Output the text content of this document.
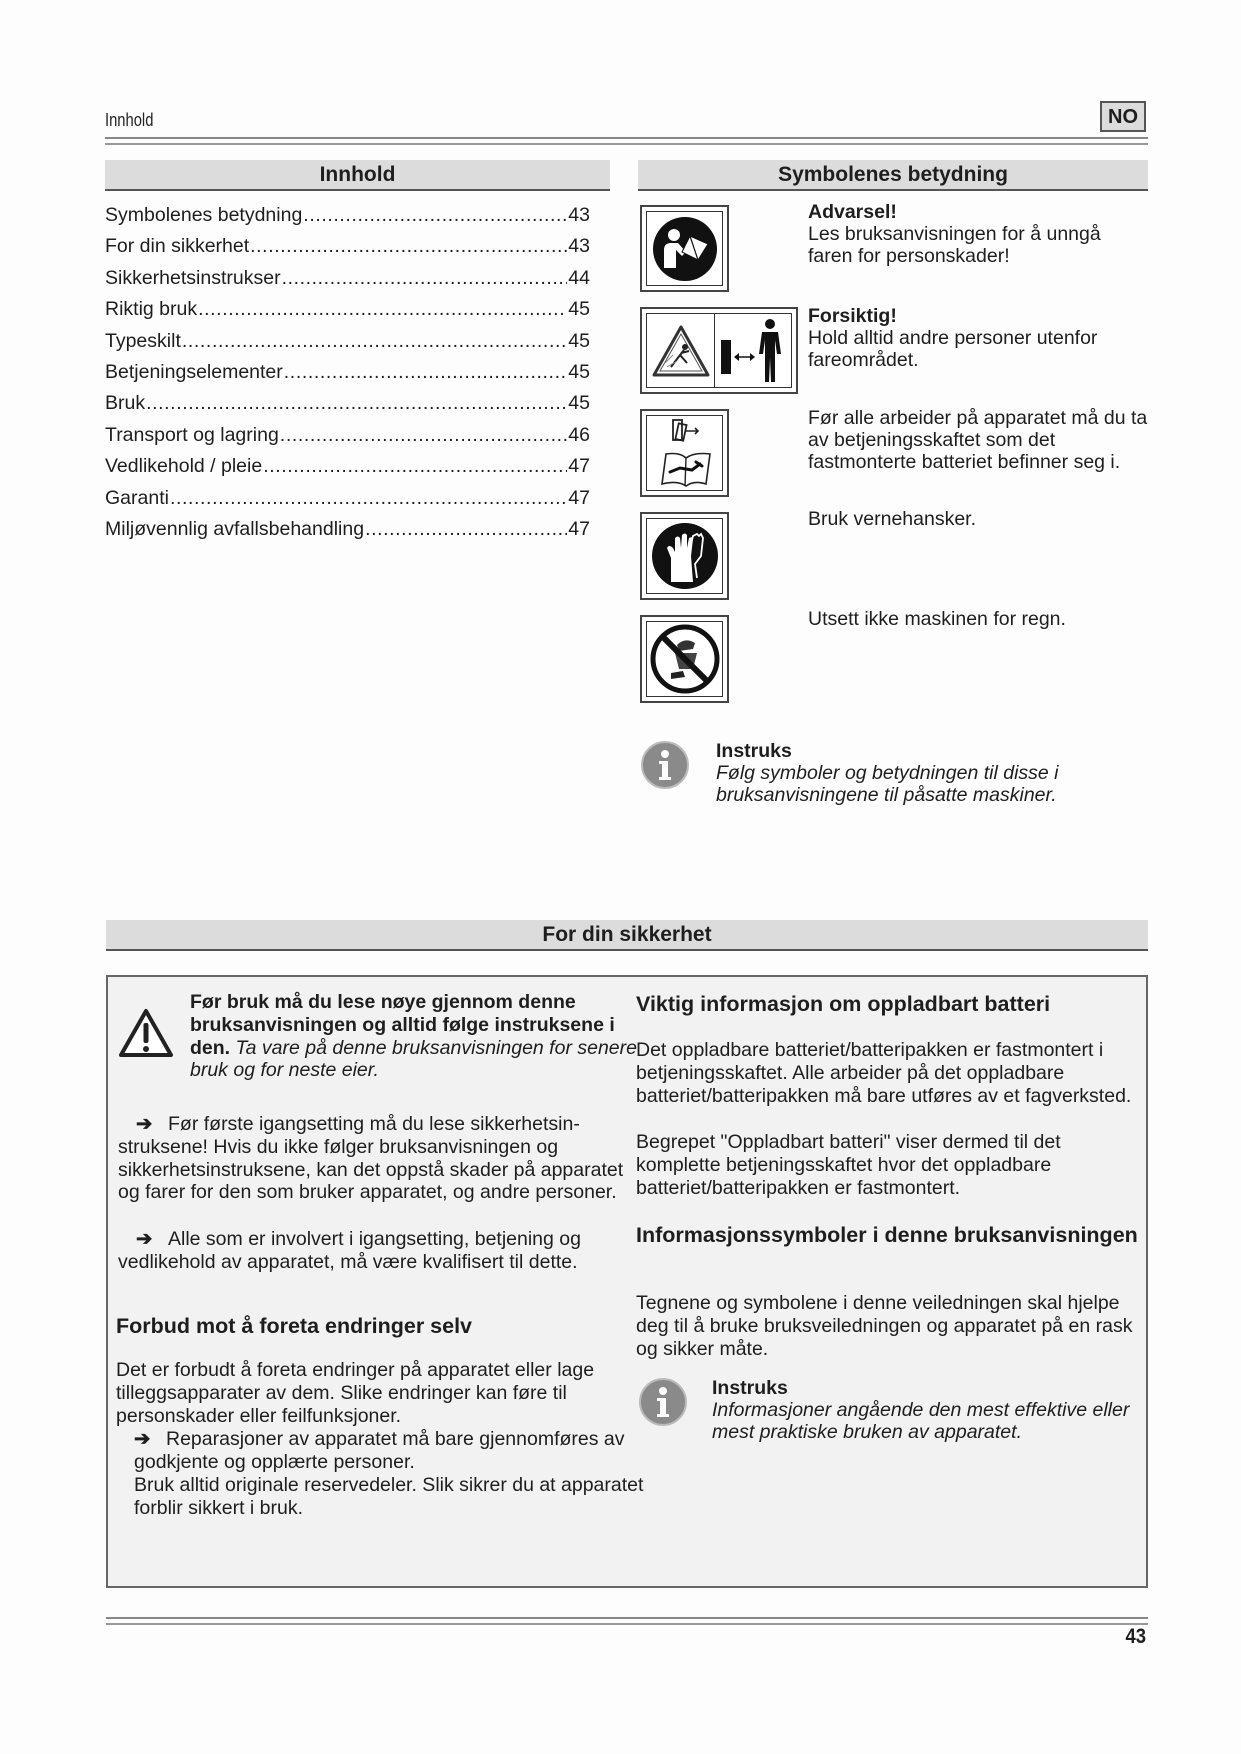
Innhold	NO
Innhold
Symbolenes betydning .....	43
For din sikkerhet .....	43
Sikkerhetsinstrukser .....	44
Riktig bruk .....	45
Typeskilt .....	45
Betjeningselementer .....	45
Bruk .....	45
Transport og lagring .....	46
Vedlikehold / pleie .....	47
Garanti .....	47
Miljøvennlig avfallsbehandling .....	47
Symbolenes betydning
Advarsel!
Les bruksanvisningen for å unngå faren for personskader!
Forsiktig!
Hold alltid andre personer utenfor fareområdet.
Før alle arbeider på apparatet må du ta av betjeningsskaftet som det fastmonterte batteriet befinner seg i.
Bruk vernehansker.
Utsett ikke maskinen for regn.
Instruks
Følg symboler og betydningen til disse i bruksanvisningene til påsatte maskiner.
For din sikkerhet
Før bruk må du lese nøye gjennom denne bruksanvisningen og alltid følge instruksene i den. Ta vare på denne bruksanvisningen for senere bruk og for neste eier.
➔ Før første igangsetting må du lese sikkerhetsinstruksene! Hvis du ikke følger bruksanvisningen og sikkerhetsinstruksene, kan det oppstå skader på apparatet og farer for den som bruker apparatet, og andre personer.
➔ Alle som er involvert i igangsetting, betjening og vedlikehold av apparatet, må være kvalifisert til dette.
Forbud mot å foreta endringer selv
Det er forbudt å foreta endringer på apparatet eller lage tilleggsapparater av dem. Slike endringer kan føre til personskader eller feilfunksjoner.
➔ Reparasjoner av apparatet må bare gjennomføres av godkjente og opplærte personer.
Bruk alltid originale reservedeler. Slik sikrer du at apparatet forblir sikkert i bruk.
Viktig informasjon om oppladbart batteri
Det oppladbare batteriet/batteripakken er fastmontert i betjeningsskaftet. Alle arbeider på det oppladbare batteriet/batteripakken må bare utføres av et fagverksted.
Begrepet "Oppladbart batteri" viser dermed til det komplette betjeningsskaftet hvor det oppladbare batteriet/batteripakken er fastmontert.
Informasjonssymboler i denne bruksanvisningen
Tegnene og symbolene i denne veiledningen skal hjelpe deg til å bruke bruksveiledningen og apparatet på en rask og sikker måte.
Instruks
Informasjoner angående den mest effektive eller mest praktiske bruken av apparatet.
43
